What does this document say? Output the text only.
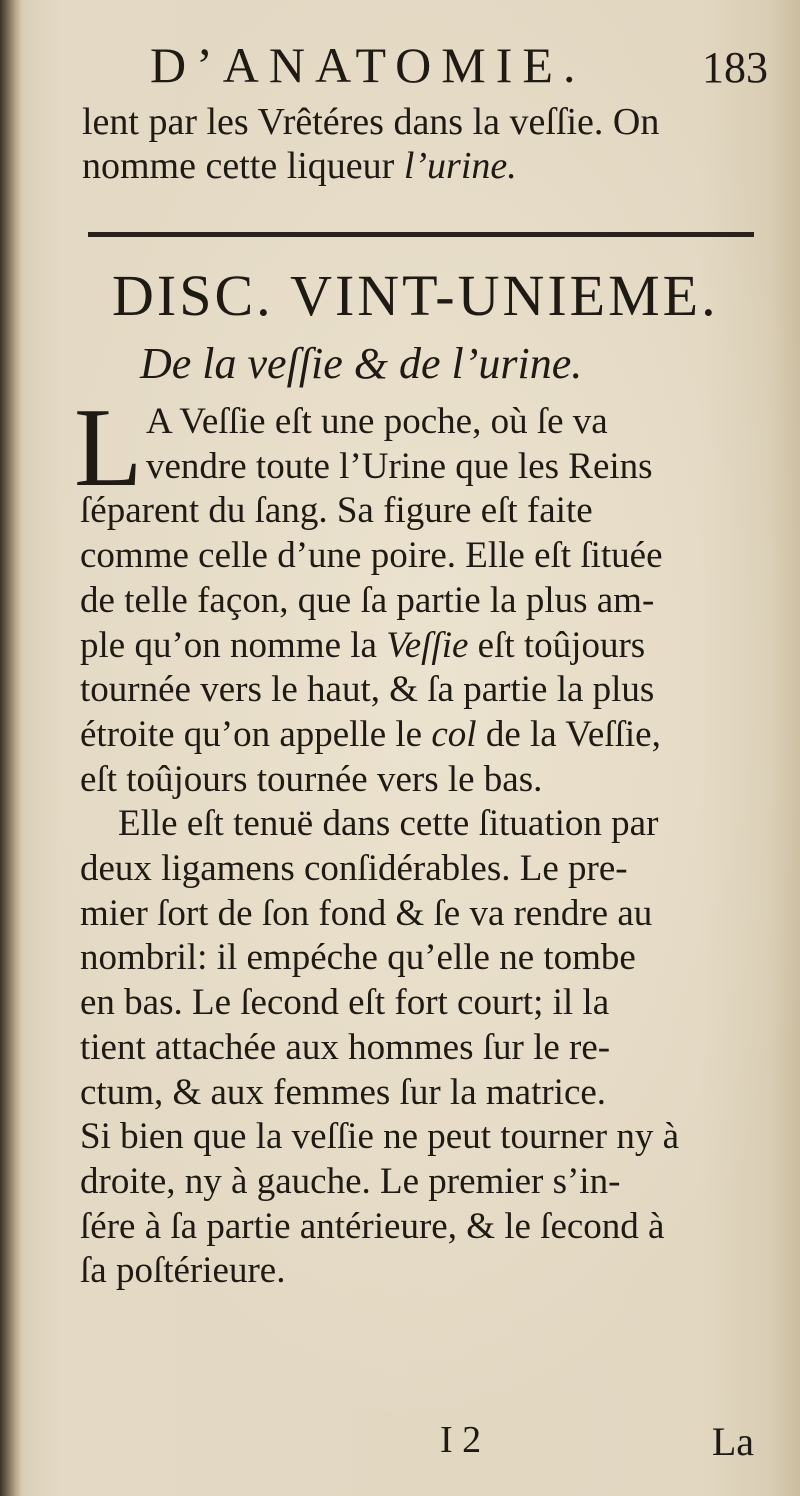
D’ANATOMIE.	183
lent par les Vrêtéres dans la veſſie. On
nomme cette liqueur l’urine.
DISC. VINT-UNIEME.
De la veſſie & de l’urine.
L A Veſſie eſt une poche, où ſe va
vendre toute l’Urine que les Reins
ſéparent du ſang. Sa figure eſt faite
comme celle d’une poire. Elle eſt ſituée
de telle façon, que ſa partie la plus am-
ple qu’on nomme la Veſſie eſt toûjours
tournée vers le haut, & ſa partie la plus
étroite qu’on appelle le col de la Veſſie,
eſt toûjours tournée vers le bas.
Elle eſt tenuë dans cette ſituation par
deux ligamens conſidérables. Le pre-
mier ſort de ſon fond & ſe va rendre au
nombril: il empéche qu’elle ne tombe
en bas. Le ſecond eſt fort court; il la
tient attachée aux hommes ſur le re-
ctum, & aux femmes ſur la matrice.
Si bien que la veſſie ne peut tourner ny à
droite, ny à gauche. Le premier s’in-
ſére à ſa partie antérieure, & le ſecond à
ſa poſtérieure.
I 2	La
